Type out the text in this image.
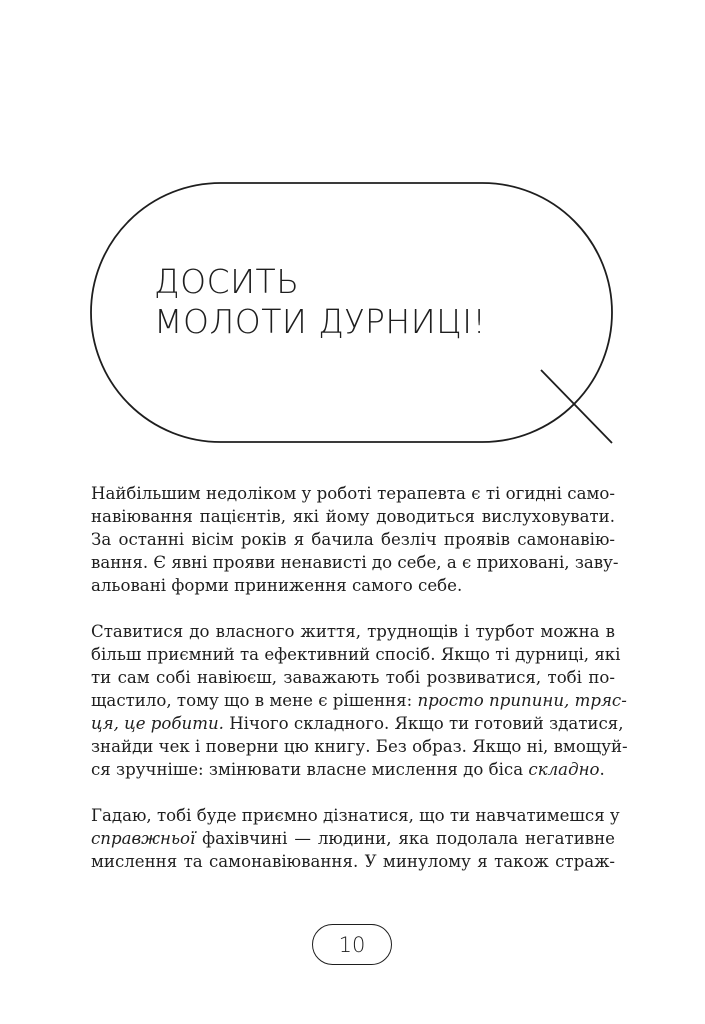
ДОСИТЬ
МОЛОТИ ДУРНИЦІ!

Найбільшим недоліком у роботі терапевта є ті огидні само-
навіювання пацієнтів, які йому доводиться вислуховувати.
За останні вісім років я бачила безліч проявів самонавію-
вання. Є явні прояви ненависті до себе, а є приховані, заву-
альовані форми приниження самого себе.

Ставитися до власного життя, труднощів і турбот можна в
більш приємний та ефективний спосіб. Якщо ті дурниці, які
ти сам собі навіюєш, заважають тобі розвиватися, тобі по-
щастило, тому що в мене є рішення: просто припини, тряс-
ця, це робити. Нічого складного. Якщо ти готовий здатися,
знайди чек і поверни цю книгу. Без образ. Якщо ні, вмощуй-
ся зручніше: змінювати власне мислення до біса складно.

Гадаю, тобі буде приємно дізнатися, що ти навчатимешся у
справжньої фахівчині — людини, яка подолала негативне
мислення та самонавіювання. У минулому я також страж-

10
